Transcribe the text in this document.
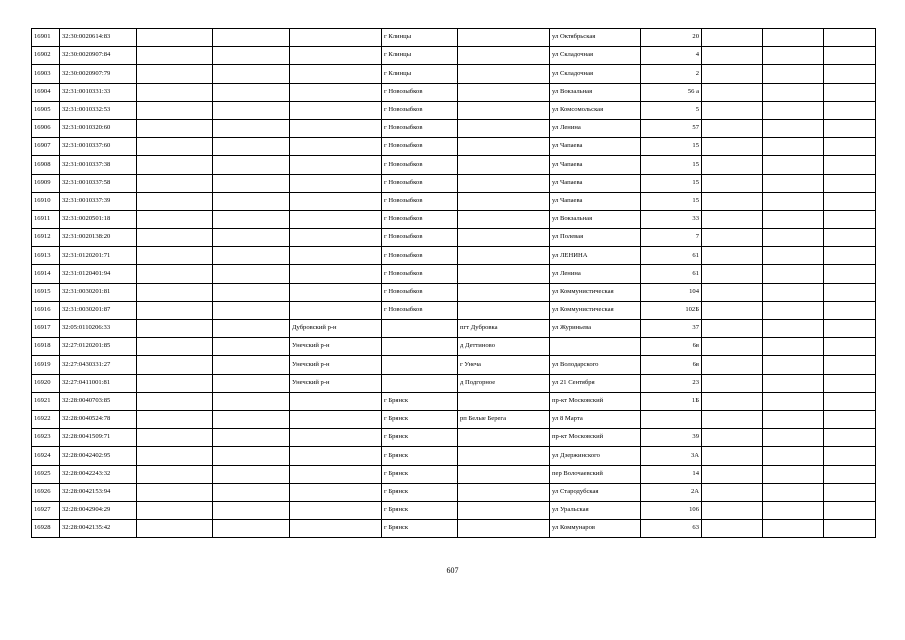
16901	32:30:0020614:83				г Клинцы		ул Октябрьская	20			
16902	32:30:0020907:84				г Клинцы		ул Складочная	4			
16903	32:30:0020907:79				г Клинцы		ул Складочная	2			
16904	32:31:0010331:33				г Новозыбков		ул Вокзальная	56 а			
16905	32:31:0010332:53				г Новозыбков		ул Комсомольская	5			
16906	32:31:0010320:60				г Новозыбков		ул Ленина	57			
16907	32:31:0010337:60				г Новозыбков		ул Чапаева	15			
16908	32:31:0010337:38				г Новозыбков		ул Чапаева	15			
16909	32:31:0010337:58				г Новозыбков		ул Чапаева	15			
16910	32:31:0010337:39				г Новозыбков		ул Чапаева	15			
16911	32:31:0020501:18				г Новозыбков		ул Вокзальная	33			
16912	32:31:0020138:20				г Новозыбков		ул Полевая	7			
16913	32:31:0120201:71				г Новозыбков		ул ЛЕНИНА	61			
16914	32:31:0120401:94				г Новозыбков		ул Ленина	61			
16915	32:31:0030201:81				г Новозыбков		ул Коммунистическая	104			
16916	32:31:0030201:87				г Новозыбков		ул Коммунистическая	102Б			
16917	32:05:0110206:33			Дубровский р-н		пгт Дубровка	ул Журиньева	37			
16918	32:27:0120201:85			Унечский р-н		д Деттиново		6в			
16919	32:27:0430331:27			Унечский р-н		г Унеча	ул Володарского	6в			
16920	32:27:0411001:81			Унечский р-н		д Подгорное	ул 21 Сентября	23			
16921	32:28:0040703:85				г Брянск		пр-кт Московский	1Б			
16922	32:28:0040524:78				г Брянск	рп Белые Берега	ул 8 Марта				
16923	32:28:0041509:71				г Брянск		пр-кт Московский	39			
16924	32:28:0042402:95				г Брянск		ул Дзержинского	3А			
16925	32:28:0042243:32				г Брянск		пер Волочаевский	14			
16926	32:28:0042153:94				г Брянск		ул Стародубская	2А			
16927	32:28:0042904:29				г Брянск		ул Уральская	106			
16928	32:28:0042135:42				г Брянск		ул Коммунаров	63			
607
